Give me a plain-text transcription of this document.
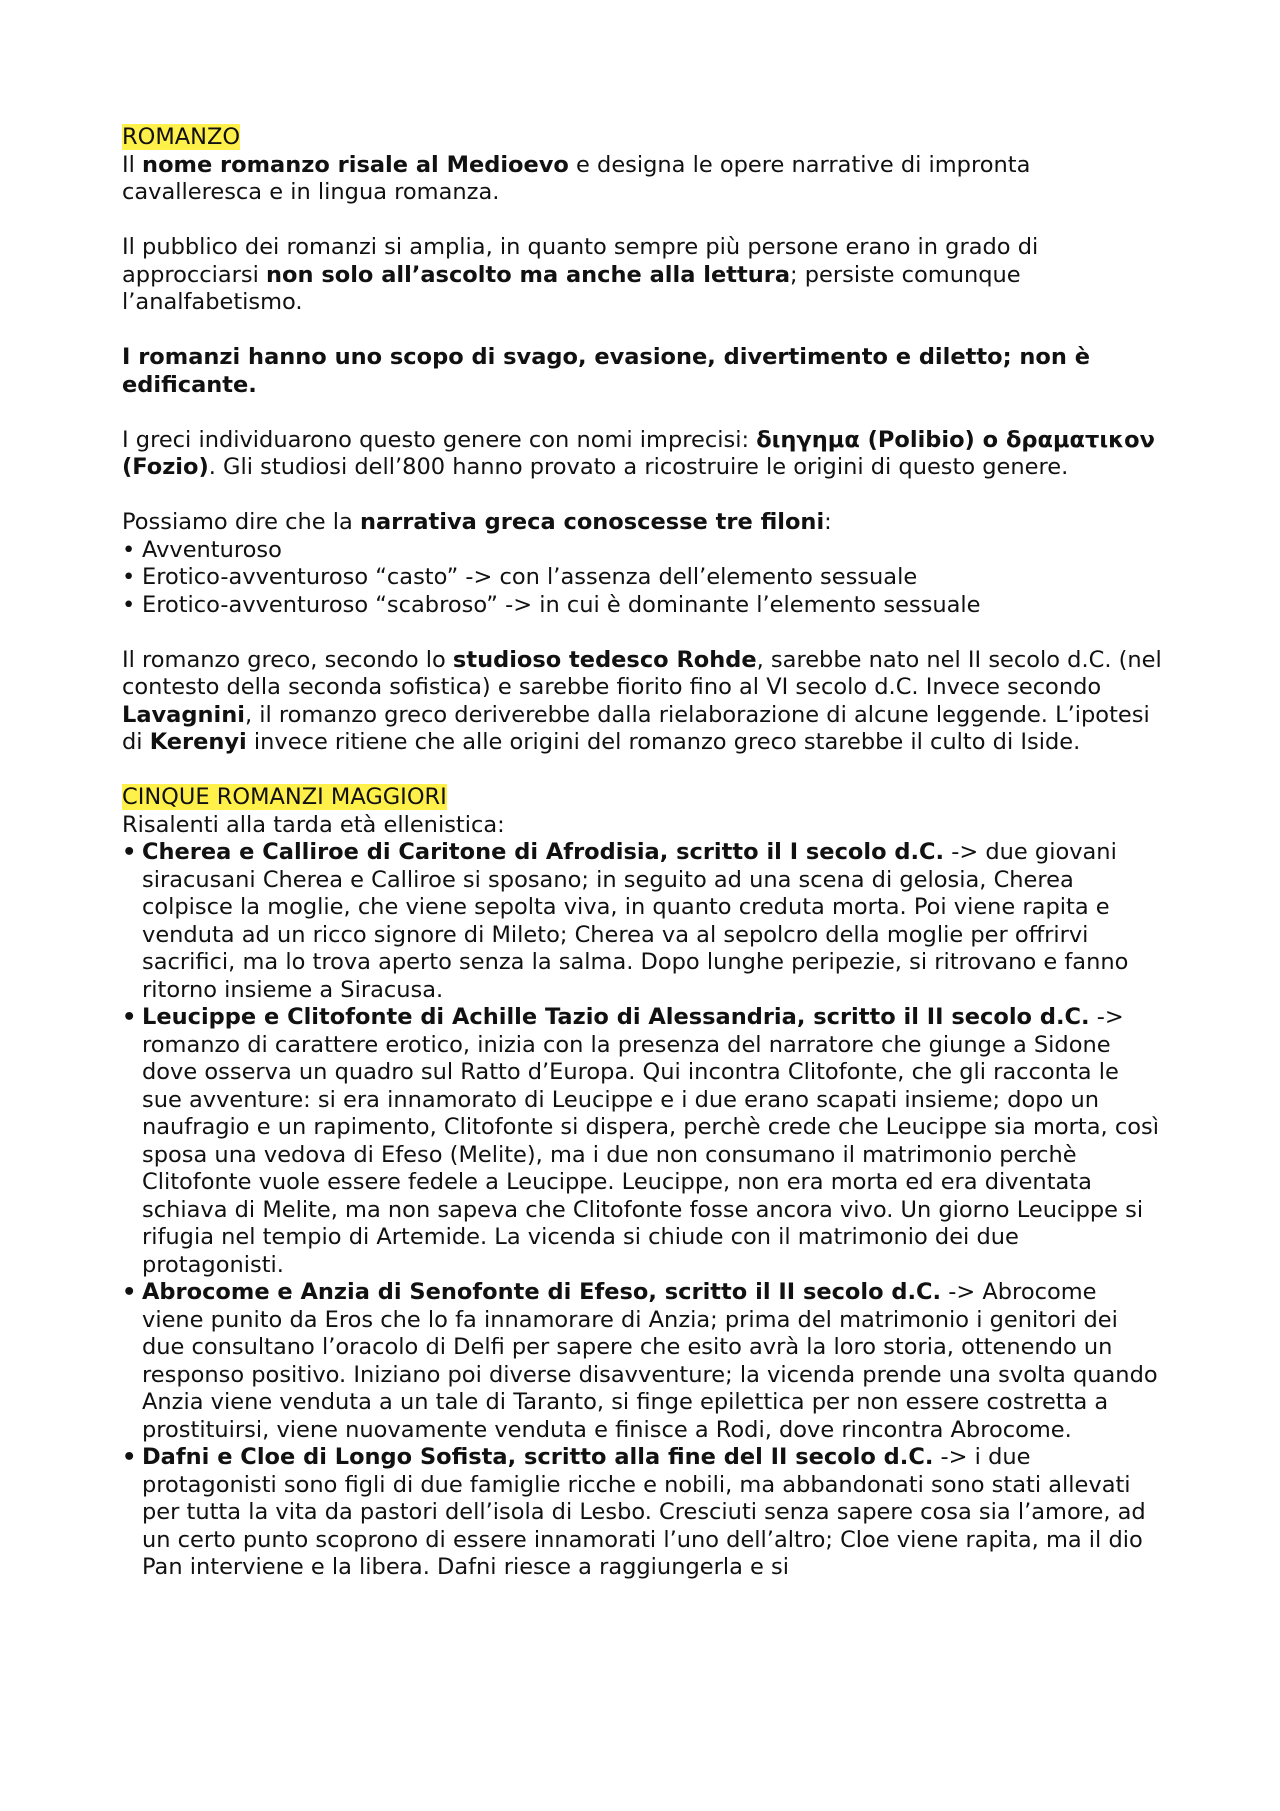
ROMANZO

Il nome romanzo risale al Medioevo e designa le opere narrative di impronta cavalleresca e in lingua romanza.

Il pubblico dei romanzi si amplia, in quanto sempre più persone erano in grado di approcciarsi non solo all’ascolto ma anche alla lettura; persiste comunque l’analfabetismo.

I romanzi hanno uno scopo di svago, evasione, divertimento e diletto; non è edificante.

I greci individuarono questo genere con nomi imprecisi: διηγημα (Polibio) o δραματικον (Fozio). Gli studiosi dell’800 hanno provato a ricostruire le origini di questo genere.

Possiamo dire che la narrativa greca conoscesse tre filoni:

• Avventuroso
• Erotico-avventuroso “casto” -> con l’assenza dell’elemento sessuale
• Erotico-avventuroso “scabroso” -> in cui è dominante l’elemento sessuale

Il romanzo greco, secondo lo studioso tedesco Rohde, sarebbe nato nel II secolo d.C. (nel contesto della seconda sofistica) e sarebbe fiorito fino al VI secolo d.C. Invece secondo Lavagnini, il romanzo greco deriverebbe dalla rielaborazione di alcune leggende. L’ipotesi di Kerenyi invece ritiene che alle origini del romanzo greco starebbe il culto di Iside.

CINQUE ROMANZI MAGGIORI

Risalenti alla tarda età ellenistica:

• Cherea e Calliroe di Caritone di Afrodisia, scritto il I secolo d.C. -> due giovani siracusani Cherea e Calliroe si sposano; in seguito ad una scena di gelosia, Cherea colpisce la moglie, che viene sepolta viva, in quanto creduta morta. Poi viene rapita e venduta ad un ricco signore di Mileto; Cherea va al sepolcro della moglie per offrirvi sacrifici, ma lo trova aperto senza la salma. Dopo lunghe peripezie, si ritrovano e fanno ritorno insieme a Siracusa.
• Leucippe e Clitofonte di Achille Tazio di Alessandria, scritto il II secolo d.C. -> romanzo di carattere erotico, inizia con la presenza del narratore che giunge a Sidone dove osserva un quadro sul Ratto d’Europa. Qui incontra Clitofonte, che gli racconta le sue avventure: si era innamorato di Leucippe e i due erano scapati insieme; dopo un naufragio e un rapimento, Clitofonte si dispera, perchè crede che Leucippe sia morta, così sposa una vedova di Efeso (Melite), ma i due non consumano il matrimonio perchè Clitofonte vuole essere fedele a Leucippe. Leucippe, non era morta ed era diventata schiava di Melite, ma non sapeva che Clitofonte fosse ancora vivo. Un giorno Leucippe si rifugia nel tempio di Artemide. La vicenda si chiude con il matrimonio dei due protagonisti.
• Abrocome e Anzia di Senofonte di Efeso, scritto il II secolo d.C. -> Abrocome viene punito da Eros che lo fa innamorare di Anzia; prima del matrimonio i genitori dei due consultano l’oracolo di Delfi per sapere che esito avrà la loro storia, ottenendo un responso positivo. Iniziano poi diverse disavventure; la vicenda prende una svolta quando Anzia viene venduta a un tale di Taranto, si finge epilettica per non essere costretta a prostituirsi, viene nuovamente venduta e finisce a Rodi, dove rincontra Abrocome.
• Dafni e Cloe di Longo Sofista, scritto alla fine del II secolo d.C. -> i due protagonisti sono figli di due famiglie ricche e nobili, ma abbandonati sono stati allevati per tutta la vita da pastori dell’isola di Lesbo. Cresciuti senza sapere cosa sia l’amore, ad un certo punto scoprono di essere innamorati l’uno dell’altro; Cloe viene rapita, ma il dio Pan interviene e la libera. Dafni riesce a raggiungerla e si
